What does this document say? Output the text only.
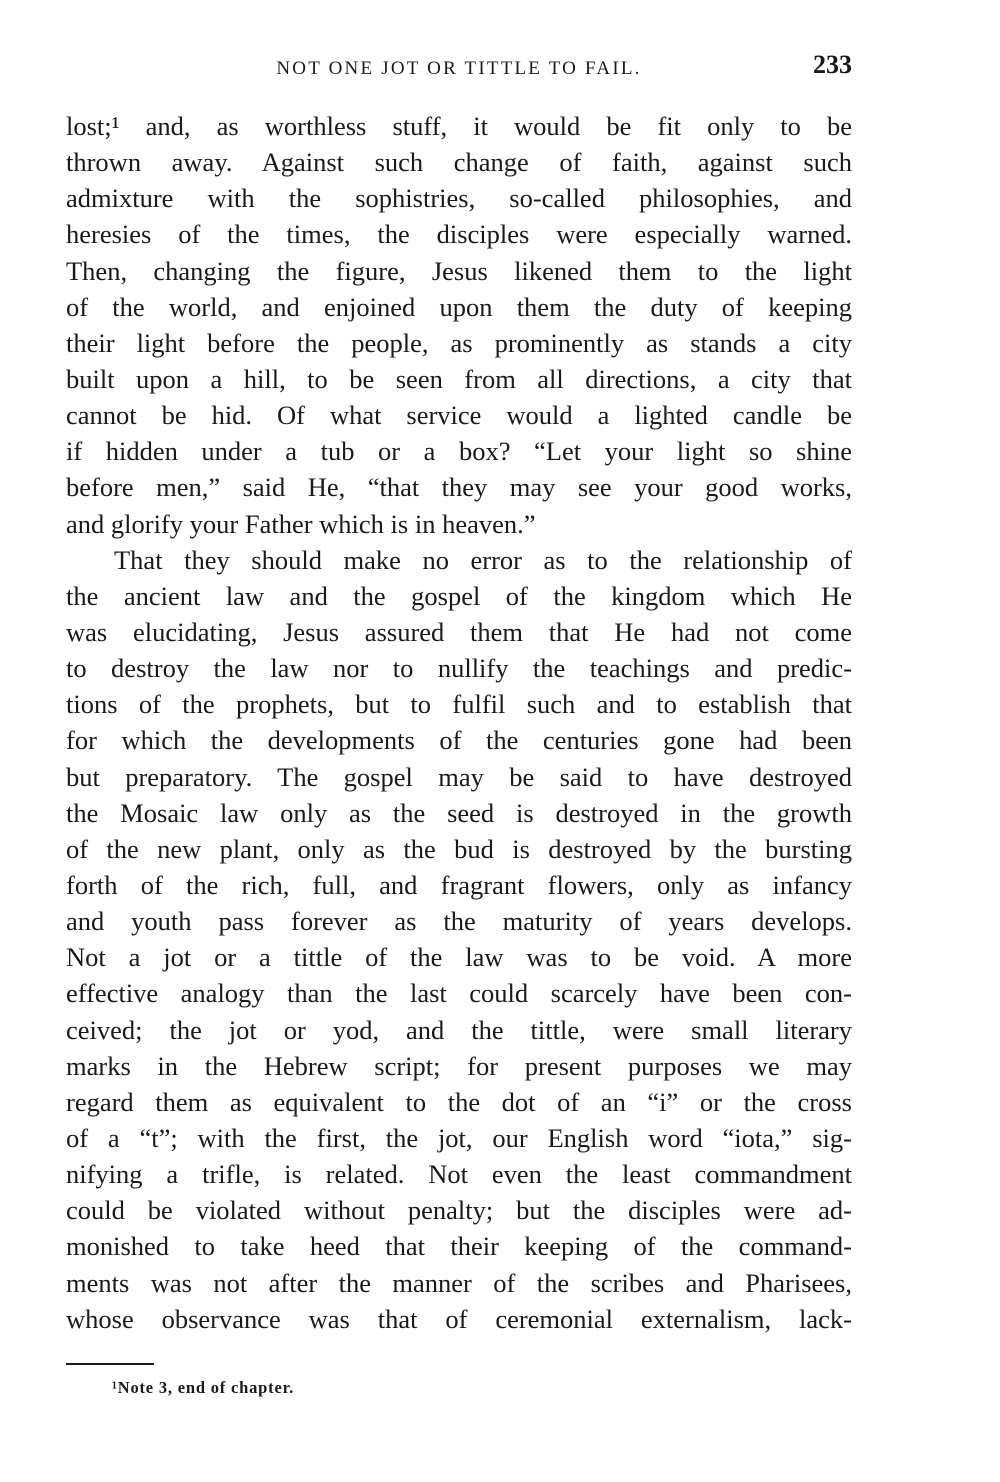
NOT ONE JOT OR TITTLE TO FAIL.	233
lost;¹ and, as worthless stuff, it would be fit only to be
thrown away. Against such change of faith, against such
admixture with the sophistries, so-called philosophies, and
heresies of the times, the disciples were especially warned.
Then, changing the figure, Jesus likened them to the light
of the world, and enjoined upon them the duty of keeping
their light before the people, as prominently as stands a city
built upon a hill, to be seen from all directions, a city that
cannot be hid. Of what service would a lighted candle be
if hidden under a tub or a box? “Let your light so shine
before men,” said He, “that they may see your good works,
and glorify your Father which is in heaven.”
That they should make no error as to the relationship of
the ancient law and the gospel of the kingdom which He
was elucidating, Jesus assured them that He had not come
to destroy the law nor to nullify the teachings and predic-
tions of the prophets, but to fulfil such and to establish that
for which the developments of the centuries gone had been
but preparatory. The gospel may be said to have destroyed
the Mosaic law only as the seed is destroyed in the growth
of the new plant, only as the bud is destroyed by the bursting
forth of the rich, full, and fragrant flowers, only as infancy
and youth pass forever as the maturity of years develops.
Not a jot or a tittle of the law was to be void. A more
effective analogy than the last could scarcely have been con-
ceived; the jot or yod, and the tittle, were small literary
marks in the Hebrew script; for present purposes we may
regard them as equivalent to the dot of an “i” or the cross
of a “t”; with the first, the jot, our English word “iota,” sig-
nifying a trifle, is related. Not even the least commandment
could be violated without penalty; but the disciples were ad-
monished to take heed that their keeping of the command-
ments was not after the manner of the scribes and Pharisees,
whose observance was that of ceremonial externalism, lack-
¹Note 3, end of chapter.
